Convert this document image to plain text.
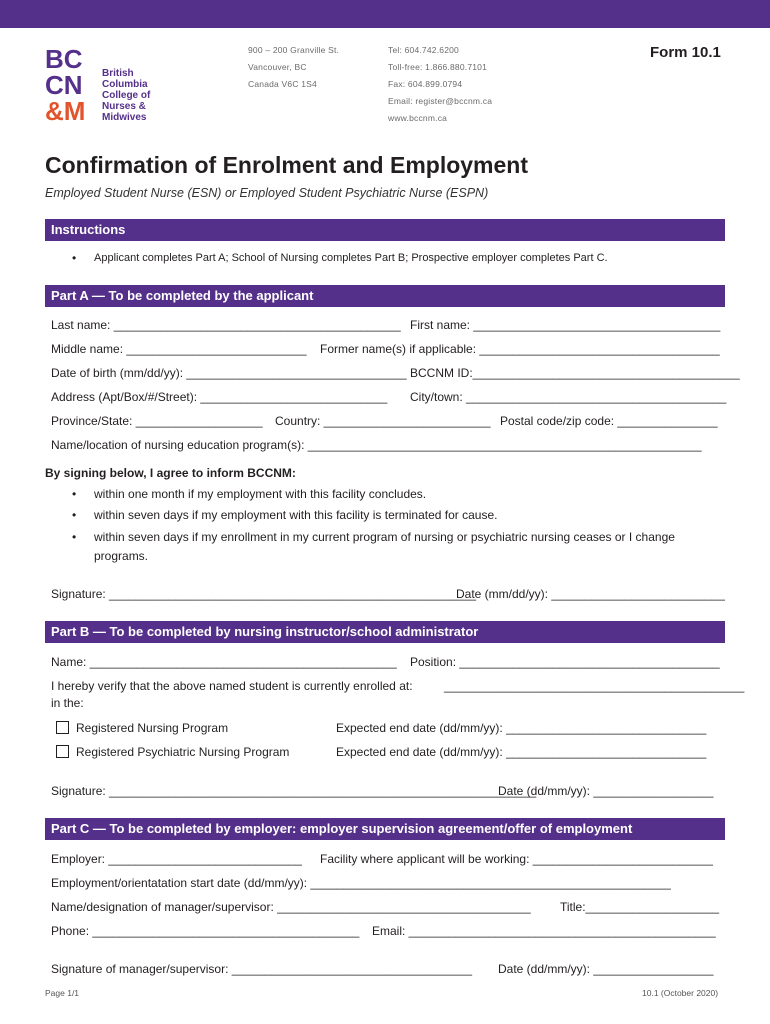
BC
CN
&M
British
Columbia
College of
Nurses &
Midwives
900 – 200 Granville St.
Vancouver, BC
Canada V6C 1S4
Tel: 604.742.6200
Toll-free: 1.866.880.7101
Fax: 604.899.0794
Email: register@bccnm.ca
www.bccnm.ca
Form 10.1
Confirmation of Enrolment and Employment
Employed Student Nurse (ESN) or Employed Student Psychiatric Nurse (ESPN)
Instructions
• Applicant completes Part A; School of Nursing completes Part B; Prospective employer completes Part C.
Part A — To be completed by the applicant
Last name: ___________________________________________ First name: _____________________________________
Middle name: ___________________________ Former name(s) if applicable: ____________________________________
Date of birth (mm/dd/yy): _________________________________ BCCNM ID:________________________________________
Address (Apt/Box/#/Street): ____________________________ City/town: _______________________________________
Province/State: ___________________ Country: _________________________ Postal code/zip code: _______________
Name/location of nursing education program(s): ___________________________________________________________
By signing below, I agree to inform BCCNM:
• within one month if my employment with this facility concludes.
• within seven days if my employment with this facility is terminated for cause.
• within seven days if my enrollment in my current program of nursing or psychiatric nursing ceases or I change programs.
Signature: _______________________________________________________
Date (mm/dd/yy): __________________________
Part B — To be completed by nursing instructor/school administrator
Name: ______________________________________________ Position: _______________________________________
I hereby verify that the above named student is currently enrolled at:	_____________________________________________
in the:
Registered Nursing Program	Expected end date (dd/mm/yy): ______________________________
Registered Psychiatric Nursing Program	Expected end date (dd/mm/yy): ______________________________
Signature: ________________________________________________________________
Date (dd/mm/yy): __________________
Part C — To be completed by employer: employer supervision agreement/offer of employment
Employer: _____________________________ Facility where applicant will be working: ___________________________
Employment/orientatation start date (dd/mm/yy): ______________________________________________________
Name/designation of manager/supervisor: ______________________________________ Title:____________________
Phone: ________________________________________ Email: ______________________________________________
Signature of manager/supervisor: ____________________________________ Date (dd/mm/yy): __________________
Page 1/1	10.1 (October 2020)
